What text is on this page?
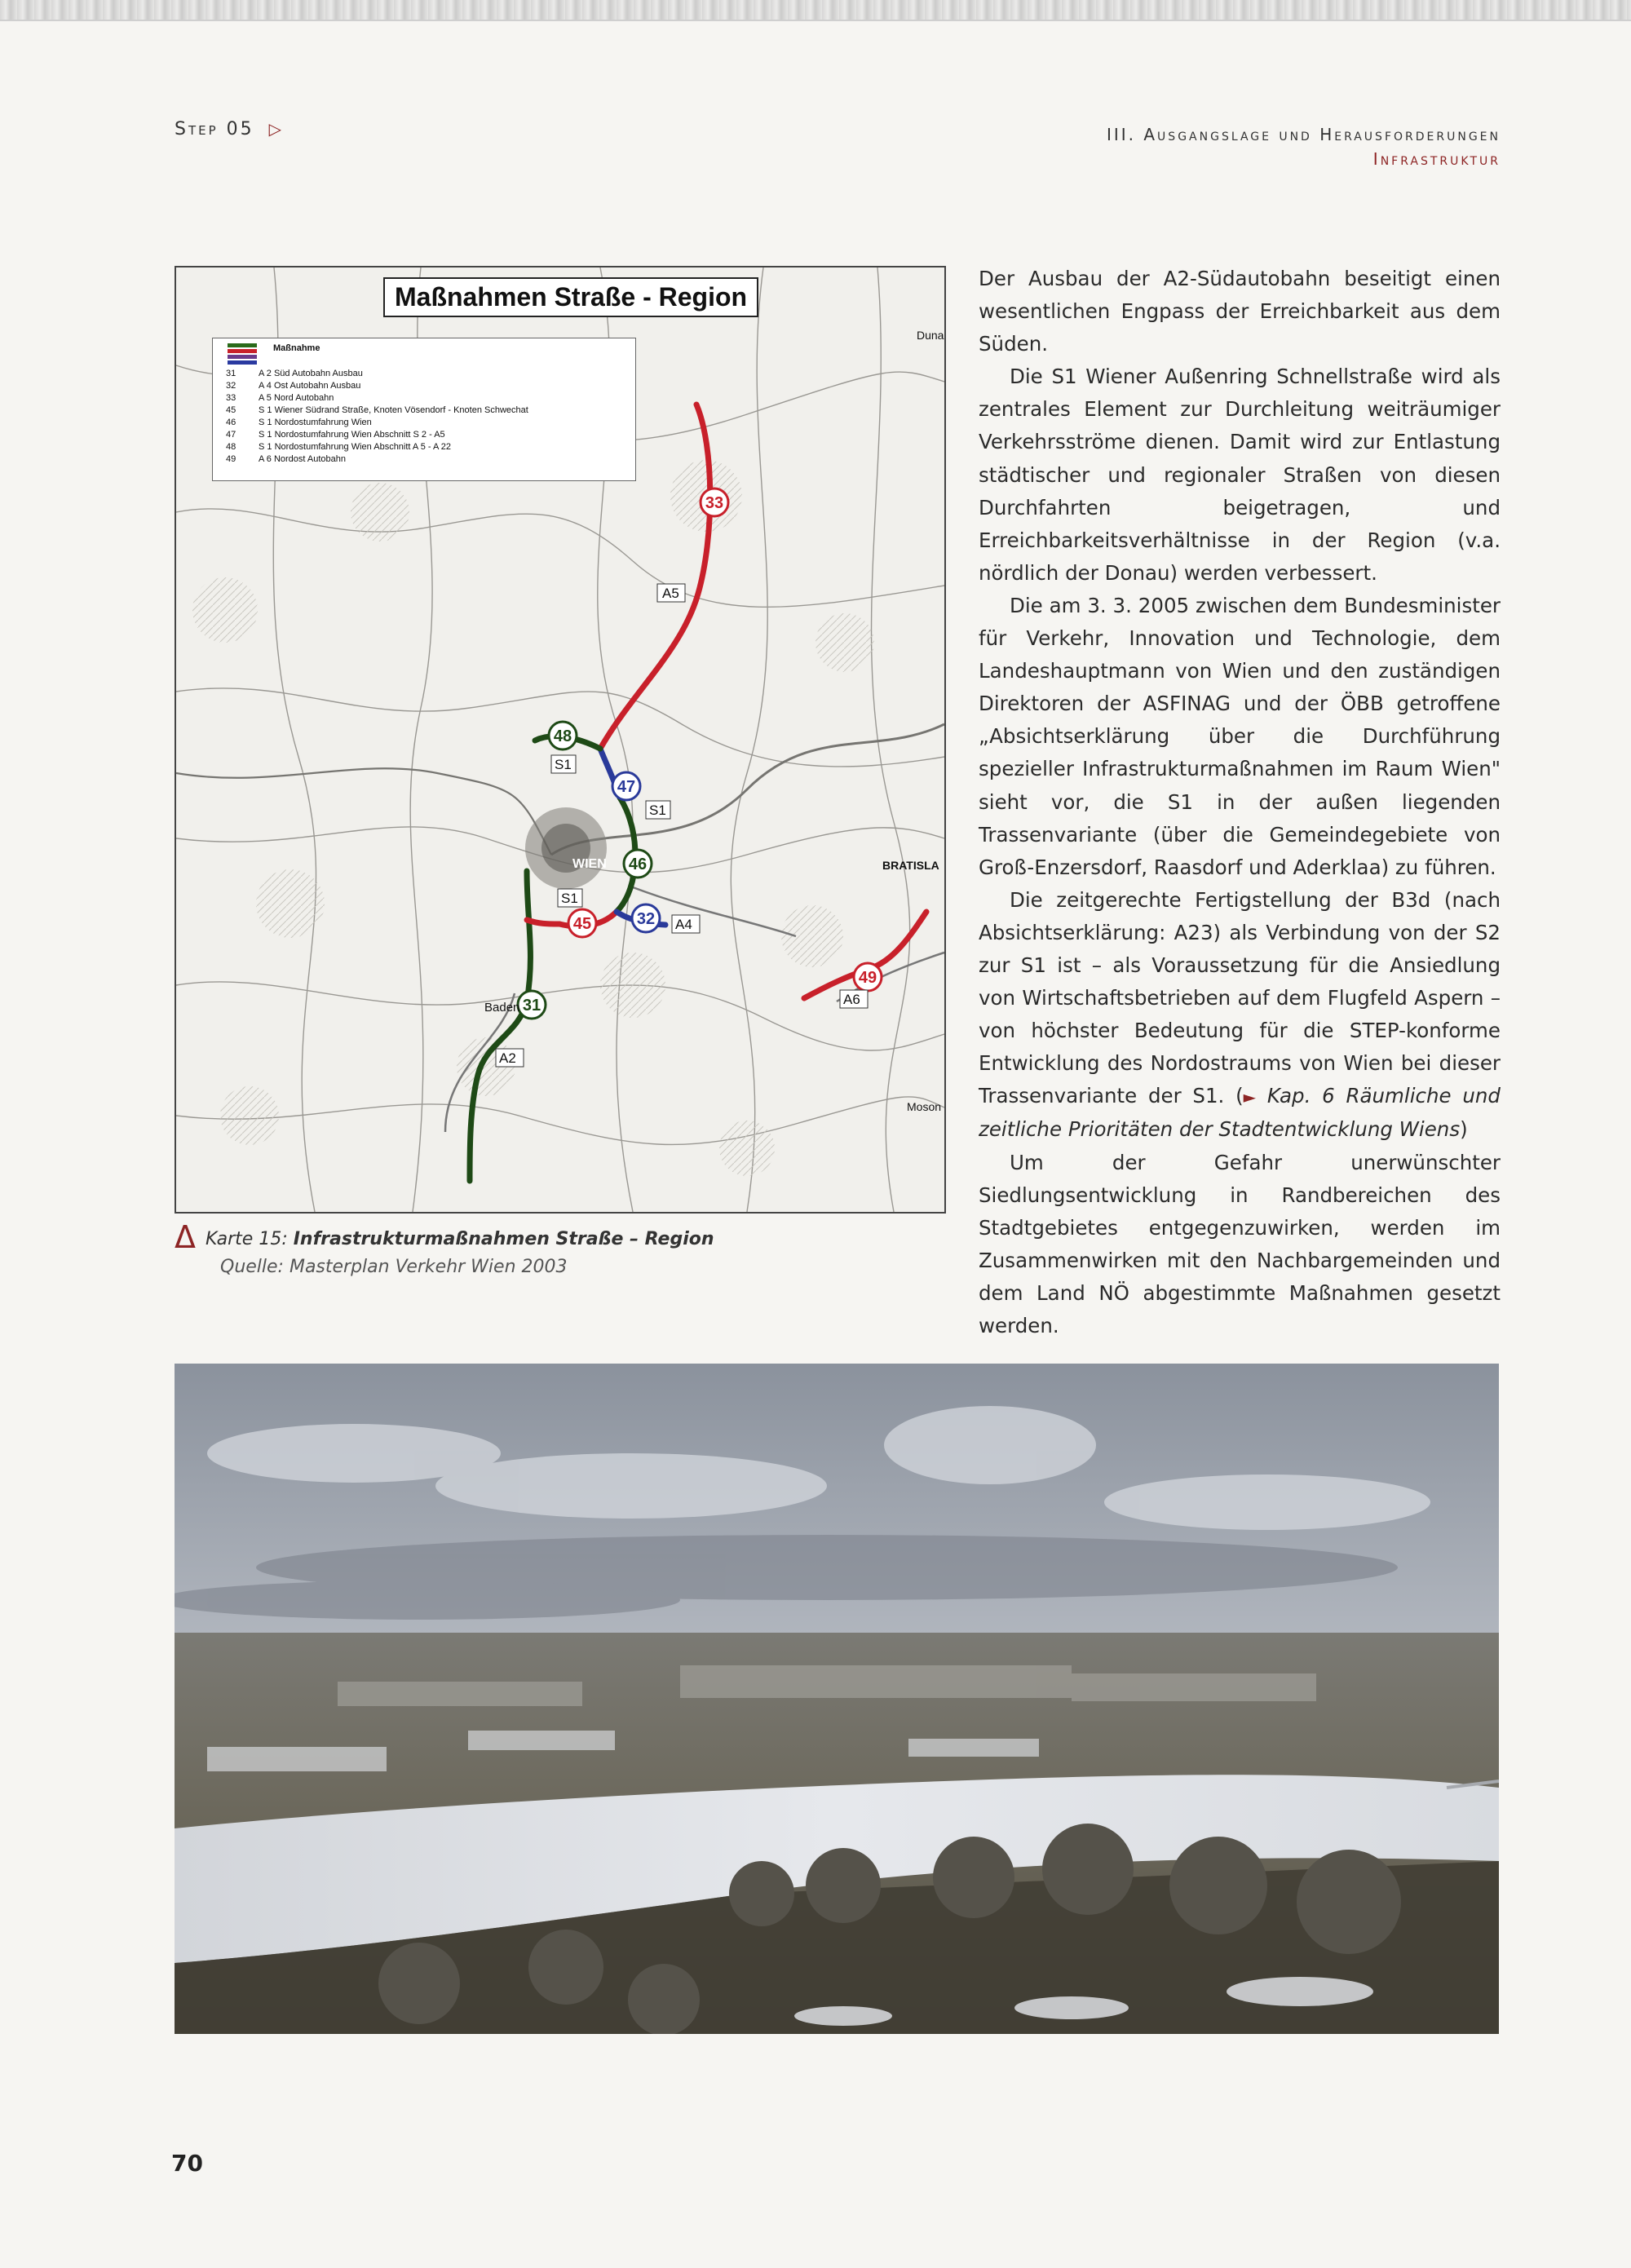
Step 05 ▷	III. Ausgangslage und Herausforderungen
Infrastruktur
33
48
47
46
45	32
31
49
A5
S1
S1
S1
A4
A6
A2
WIEN	BRATISLA
Baden
Moson
Duna
Maßnahmen Straße - Region
Maßnahme
31	A 2 Süd Autobahn Ausbau
32	A 4 Ost Autobahn Ausbau
33	A 5 Nord Autobahn
45	S 1 Wiener Südrand Straße, Knoten Vösendorf - Knoten Schwechat
46	S 1 Nordostumfahrung Wien
47	S 1 Nordostumfahrung Wien Abschnitt S 2 - A5
48	S 1 Nordostumfahrung Wien Abschnitt A 5 - A 22
49	A 6 Nordost Autobahn
Δ Karte 15: Infrastrukturmaßnahmen Straße – Region
Quelle: Masterplan Verkehr Wien 2003

Der Ausbau der A2-Südautobahn beseitigt einen wesentlichen Engpass der Erreichbarkeit aus dem Süden.

Die S1 Wiener Außenring Schnellstraße wird als zentrales Element zur Durchleitung weiträumiger Verkehrsströme dienen. Damit wird zur Entlastung städtischer und regionaler Straßen von diesen Durchfahrten beigetragen, und Erreichbarkeitsverhältnisse in der Region (v.a. nördlich der Donau) werden verbessert.

Die am 3. 3. 2005 zwischen dem Bundesminister für Verkehr, Innovation und Technologie, dem Landeshauptmann von Wien und den zuständigen Direktoren der ASFINAG und der ÖBB getroffene „Absichtserklärung über die Durchführung spezieller Infrastrukturmaßnahmen im Raum Wien" sieht vor, die S1 in der außen liegenden Trassenvariante (über die Gemeindegebiete von Groß-Enzersdorf, Raasdorf und Aderklaa) zu führen.

Die zeitgerechte Fertigstellung der B3d (nach Absichtserklärung: A23) als Verbindung von der S2 zur S1 ist – als Voraussetzung für die Ansiedlung von Wirtschaftsbetrieben auf dem Flugfeld Aspern – von höchster Bedeutung für die STEP-konforme Entwicklung des Nordostraums von Wien bei dieser Trassenvariante der S1. (► Kap. 6 Räumliche und zeitliche Prioritäten der Stadtentwicklung Wiens)

Um der Gefahr unerwünschter Siedlungsentwicklung in Randbereichen des Stadtgebietes entgegenzuwirken, werden im Zusammenwirken mit den Nachbargemeinden und dem Land NÖ abgestimmte Maßnahmen gesetzt werden.

70
